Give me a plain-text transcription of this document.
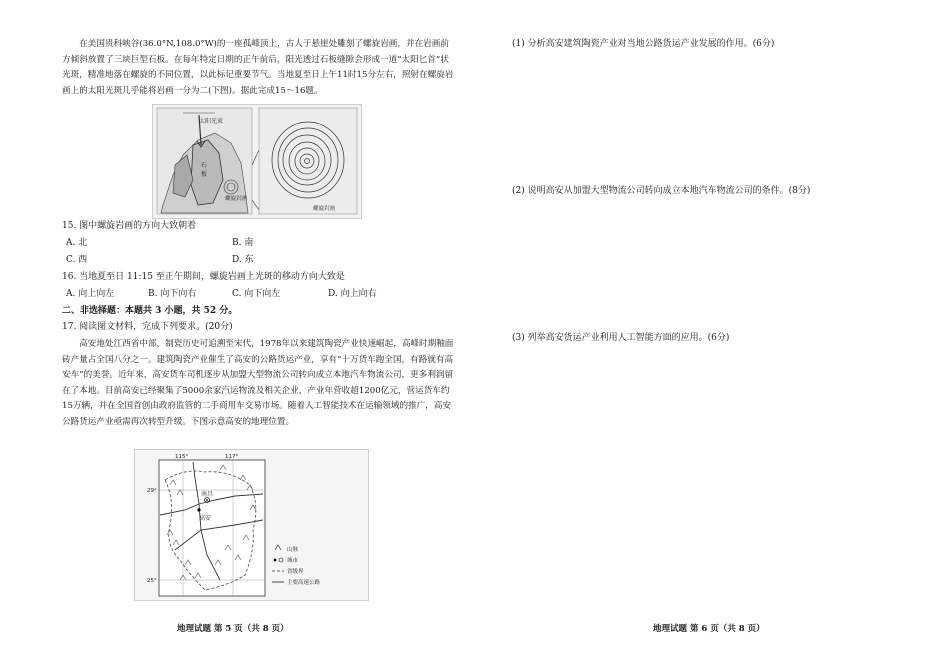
在美国贵科峡谷(36.0°N,108.0°W)的一座孤峰顶上，古人于悬崖处雕刻了螺旋岩画，并在岩画前方倾斜放置了三块巨型石板。在每年特定日期的正午前后，阳光透过石板缝隙会形成一道“太阳匕首”状光斑，精准地落在螺旋的不同位置，以此标记重要节气。当地夏至日上午11时15分左右，照射在螺旋岩画上的太阳光斑几乎能将岩画一分为二(下图)。据此完成15～16题。

太阳光束
石
板
螺旋岩画
螺旋岩画
15. 图中螺旋岩画的方向大致朝着
A. 北	B. 南
C. 西	D. 东
16. 当地夏至日 11:15 至正午期间，螺旋岩画上光斑的移动方向大致是
A. 向上向左	B. 向下向右	C. 向下向左	D. 向上向右
二、非选择题：本题共 3 小题，共 52 分。
17. 阅读图文材料，完成下列要求。(20分)

高安地处江西省中部，制瓷历史可追溯至宋代，1978年以来建筑陶瓷产业快速崛起，高峰时期釉面砖产量占全国八分之一。建筑陶瓷产业催生了高安的公路货运产业，享有“十万货车跑全国，有路就有高安车”的美誉。近年来，高安货车司机逐步从加盟大型物流公司转向成立本地汽车物流公司，更多利润留在了本地。目前高安已经聚集了5000余家汽运物流及相关企业，产业年营收超1200亿元，营运货车约15万辆，并在全国首创由政府监管的二手商用车交易市场。随着人工智能技术在运输领域的推广，高安公路货运产业亟需再次转型升级。下图示意高安的地理位置。

南昌
高安
115°	117°
29°
25°
山脉
城市
省级界
主要高速公路
地理试题 第 5 页（共 8 页）
(1) 分析高安建筑陶瓷产业对当地公路货运产业发展的作用。(6分)
(2) 说明高安从加盟大型物流公司转向成立本地汽车物流公司的条件。(8分)
(3) 列举高安货运产业利用人工智能方面的应用。(6分)
地理试题 第 6 页（共 8 页）
